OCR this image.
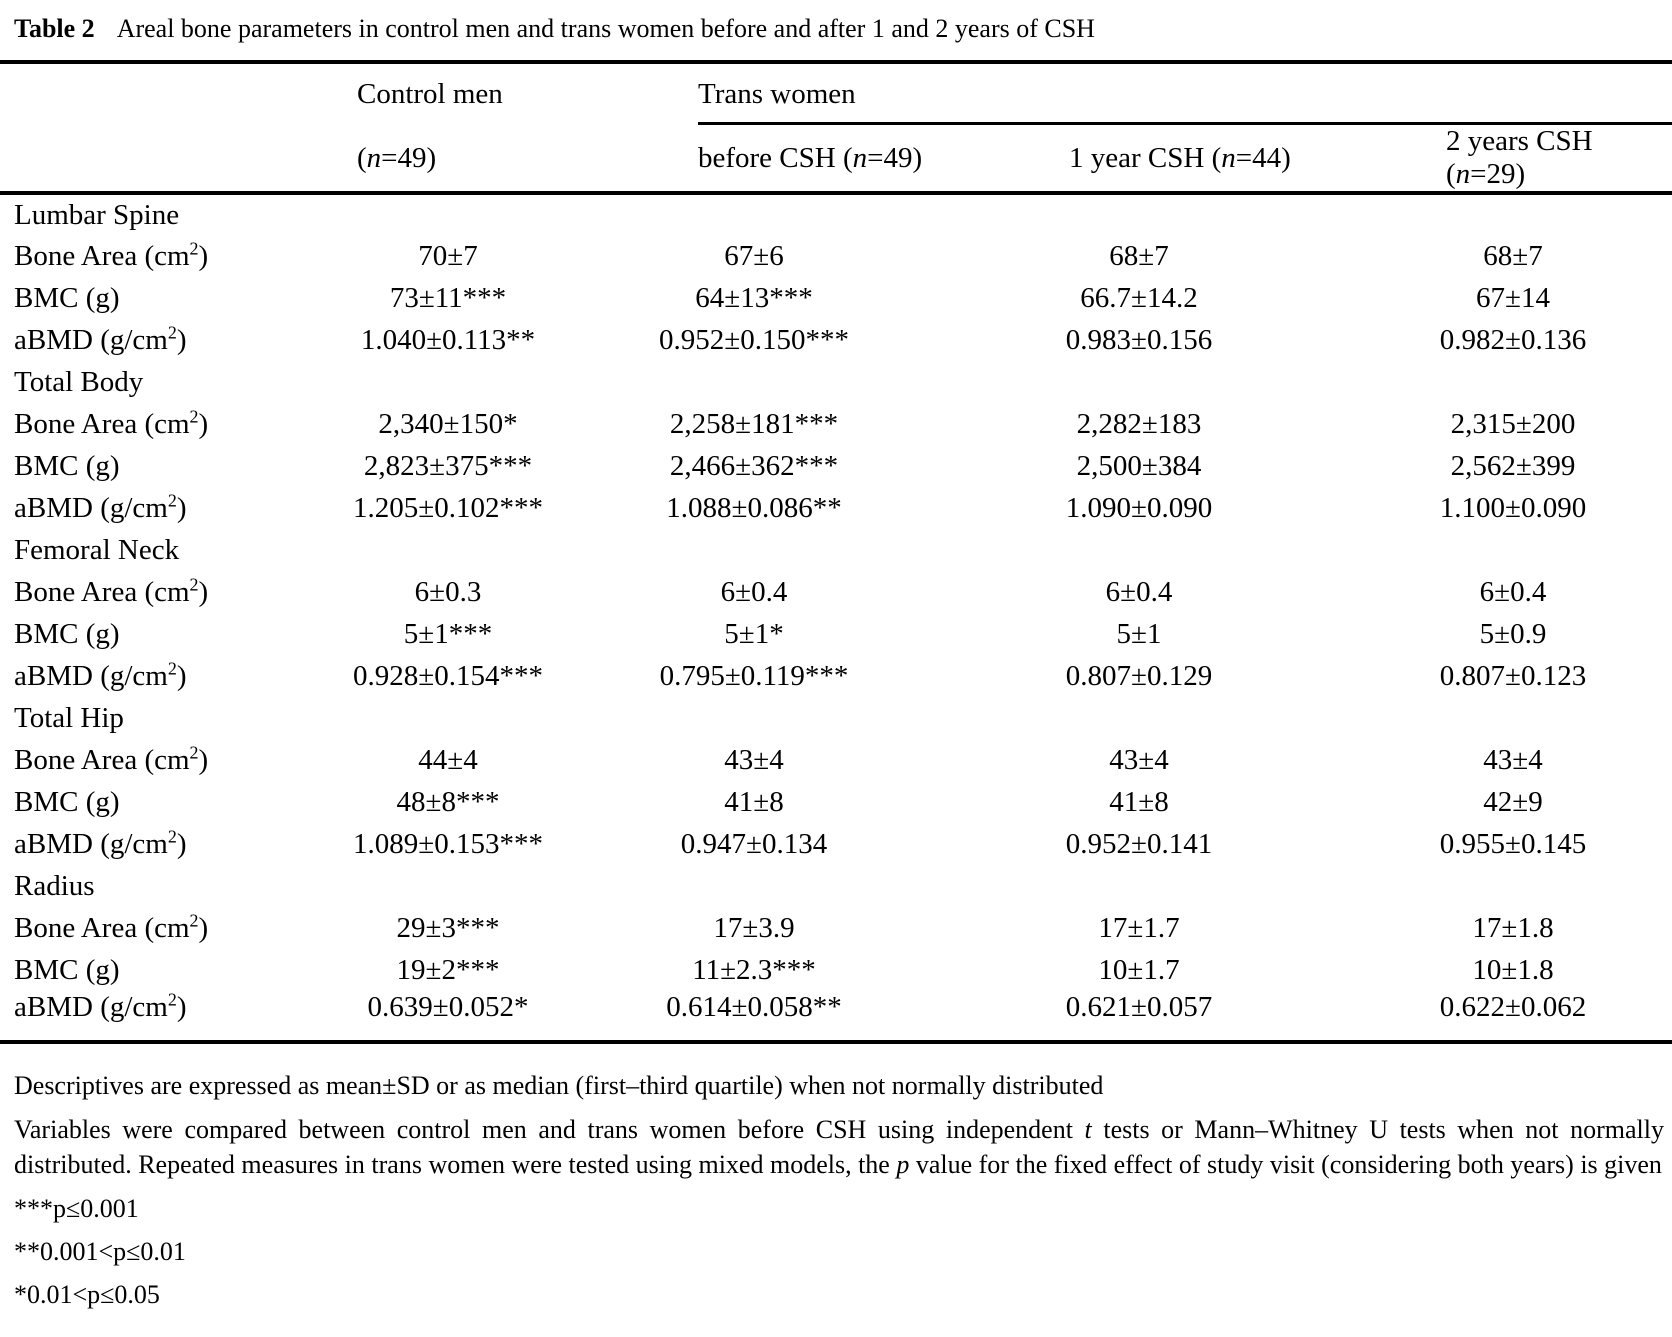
Table 2 Areal bone parameters in control men and trans women before and after 1 and 2 years of CSH

	Control men	Trans women		

	(n=49)	before CSH (n=49)	1 year CSH (n=44)	2 years CSH (n=29)
Lumbar Spine				
Bone Area $(cm^2)$	70±7	67±6	68±7	68±7
BMC (g)	73±11***	64±13***	66.7±14.2	67±14
aBMD $(g/cm^2)$	1.040±0.113**	0.952±0.150***	0.983±0.156	0.982±0.136
Total Body				
Bone Area $(cm^2)$	2,340±150*	2,258±181***	2,282±183	2,315±200
BMC (g)	2,823±375***	2,466±362***	2,500±384	2,562±399
aBMD $(g/cm^2)$	1.205±0.102***	1.088±0.086**	1.090±0.090	1.100±0.090
Femoral Neck				
Bone Area $(cm^2)$	6±0.3	6±0.4	6±0.4	6±0.4
BMC (g)	5±1***	5±1*	5±1	5±0.9
aBMD $(g/cm^2)$	0.928±0.154***	0.795±0.119***	0.807±0.129	0.807±0.123
Total Hip				
Bone Area $(cm^2)$	44±4	43±4	43±4	43±4
BMC (g)	48±8***	41±8	41±8	42±9
aBMD $(g/cm^2)$	1.089±0.153***	0.947±0.134	0.952±0.141	0.955±0.145
Radius				
Bone Area $(cm^2)$	29±3***	17±3.9	17±1.7	17±1.8
BMC (g)	19±2***	11±2.3***	10±1.7	10±1.8
aBMD $(g/cm^2)$	0.639±0.052*	0.614±0.058**	0.621±0.057	0.622±0.062

Descriptives are expressed as mean±SD or as median (first–third quartile) when not normally distributed

Variables were compared between control men and trans women before CSH using independent t tests or Mann–Whitney U tests when not normally distributed. Repeated measures in trans women were tested using mixed models, the p value for the fixed effect of study visit (considering both years) is given

***p≤0.001

**0.001<p≤0.01

*0.01<p≤0.05
